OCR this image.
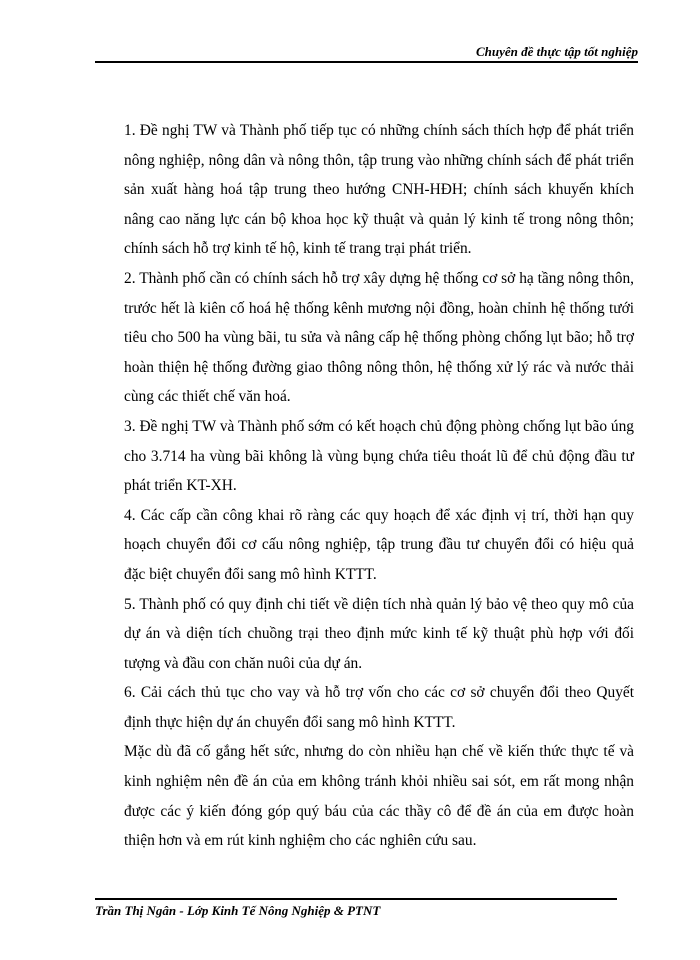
Chuyên đề thực tập tốt nghiệp

1. Đề nghị TW và Thành phố tiếp tục có những chính sách thích hợp để phát triển nông nghiệp, nông dân và nông thôn, tập trung vào những chính sách để phát triển sản xuất hàng hoá tập trung theo hướng CNH-HĐH; chính sách khuyến khích nâng cao năng lực cán bộ khoa học kỹ thuật và quản lý kinh tế trong nông thôn; chính sách hỗ trợ kinh tế hộ, kinh tế trang trại phát triển.

2. Thành phố cần có chính sách hỗ trợ xây dựng hệ thống cơ sở hạ tầng nông thôn, trước hết là kiên cố hoá hệ thống kênh mương nội đồng, hoàn chỉnh hệ thống tưới tiêu cho 500 ha vùng bãi, tu sửa và nâng cấp hệ thống phòng chống lụt bão; hỗ trợ hoàn thiện hệ thống đường giao thông nông thôn, hệ thống xử lý rác và nước thải cùng các thiết chế văn hoá.

3. Đề nghị TW và Thành phố sớm có kết hoạch chủ động phòng chống lụt bão úng cho 3.714 ha vùng bãi không là vùng bụng chứa tiêu thoát lũ để chủ động đầu tư phát triển KT-XH.

4. Các cấp cần công khai rõ ràng các quy hoạch để xác định vị trí, thời hạn quy hoạch chuyển đổi cơ cấu nông nghiệp, tập trung đầu tư chuyển đổi có hiệu quả đặc biệt chuyển đổi sang mô hình KTTT.

5. Thành phố có quy định chi tiết về diện tích nhà quản lý bảo vệ theo quy mô của dự án và diện tích chuồng trại theo định mức kinh tế kỹ thuật phù hợp với đối tượng và đầu con chăn nuôi của dự án.

6. Cải cách thủ tục cho vay và hỗ trợ vốn cho các cơ sở chuyển đổi theo Quyết định thực hiện dự án chuyển đổi sang mô hình KTTT.

Mặc dù đã cố gắng hết sức, nhưng do còn nhiều hạn chế về kiến thức thực tế và kinh nghiệm nên đề án của em không tránh khỏi nhiều sai sót, em rất mong nhận được các ý kiến đóng góp quý báu của các thầy cô để đề án của em được hoàn thiện hơn và em rút kinh nghiệm cho các nghiên cứu sau.

Trần Thị Ngân - Lớp Kinh Tế Nông Nghiệp & PTNT
